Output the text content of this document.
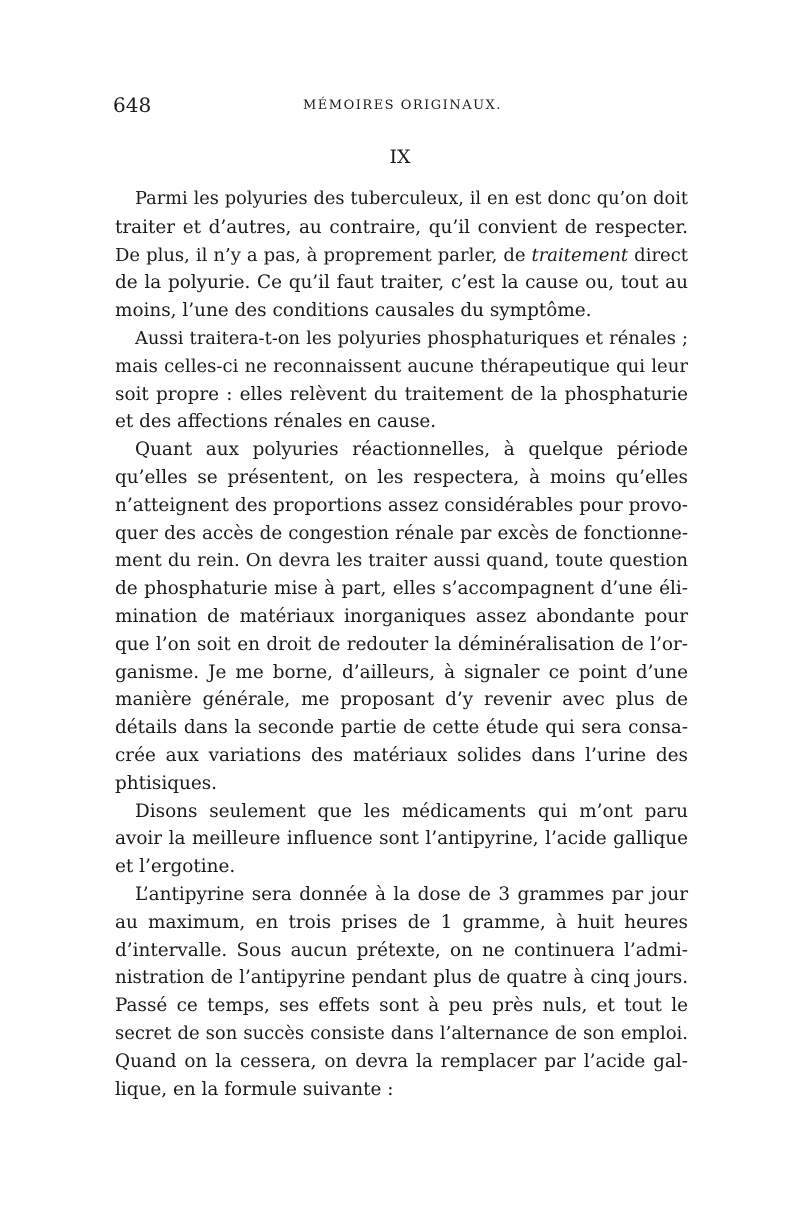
648	MÉMOIRES ORIGINAUX.
IX
Parmi les polyuries des tuberculeux, il en est donc qu’on doit
traiter et d’autres, au contraire, qu’il convient de respecter.
De plus, il n’y a pas, à proprement parler, de traitement direct
de la polyurie. Ce qu’il faut traiter, c’est la cause ou, tout au
moins, l’une des conditions causales du symptôme.
Aussi traitera-t-on les polyuries phosphaturiques et rénales ;
mais celles-ci ne reconnaissent aucune thérapeutique qui leur
soit propre : elles relèvent du traitement de la phosphaturie
et des affections rénales en cause.
Quant aux polyuries réactionnelles, à quelque période
qu’elles se présentent, on les respectera, à moins qu’elles
n’atteignent des proportions assez considérables pour provo-
quer des accès de congestion rénale par excès de fonctionne-
ment du rein. On devra les traiter aussi quand, toute question
de phosphaturie mise à part, elles s’accompagnent d’une éli-
mination de matériaux inorganiques assez abondante pour
que l’on soit en droit de redouter la déminéralisation de l’or-
ganisme. Je me borne, d’ailleurs, à signaler ce point d’une
manière générale, me proposant d’y revenir avec plus de
détails dans la seconde partie de cette étude qui sera consa-
crée aux variations des matériaux solides dans l’urine des
phtisiques.
Disons seulement que les médicaments qui m’ont paru
avoir la meilleure influence sont l’antipyrine, l’acide gallique
et l’ergotine.
L’antipyrine sera donnée à la dose de 3 grammes par jour
au maximum, en trois prises de 1 gramme, à huit heures
d’intervalle. Sous aucun prétexte, on ne continuera l’admi-
nistration de l’antipyrine pendant plus de quatre à cinq jours.
Passé ce temps, ses effets sont à peu près nuls, et tout le
secret de son succès consiste dans l’alternance de son emploi.
Quand on la cessera, on devra la remplacer par l’acide gal-
lique, en la formule suivante :
